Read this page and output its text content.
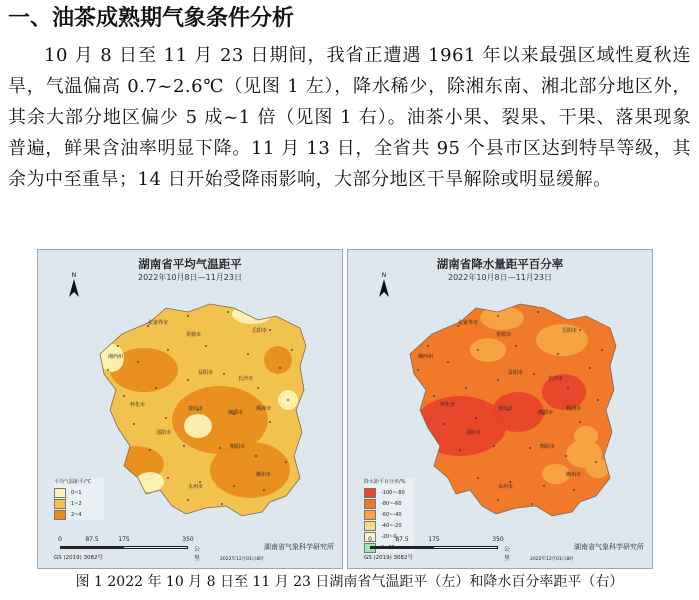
一、油茶成熟期气象条件分析
10 月 8 日至 11 月 23 日期间，我省正遭遇 1961 年以来最强区域性夏秋连旱，气温偏高 0.7~2.6℃（见图 1 左），降水稀少，除湘东南、湘北部分地区外，其余大部分地区偏少 5 成~1 倍（见图 1 右）。油茶小果、裂果、干果、落果现象普遍，鲜果含油率明显下降。11 月 13 日，全省共 95 个县市区达到特旱等级，其余为中至重旱；14 日开始受降雨影响，大部分地区干旱解除或明显缓解。
张家界市
常德市
岳阳市
湘西州
益阳市
长沙市
怀化市
娄底市
湘潭市
株洲市
邵阳市
衡阳市
郴州市
永州市
N
湖南省平均气温距平
2022年10月8日—11月23日
平均气温距平/℃
0~1
1~2
2~4
0	87.5	175	350
公里
湖南省气象科学研究所
GS (2019) 3082号	2022年12月01日8时
张家界市
常德市
岳阳市
湘西州
益阳市
长沙市
怀化市
娄底市
湘潭市
株洲市
邵阳市
衡阳市
郴州市
永州市
N
湖南省降水量距平百分率
2022年10月8日—11月23日
降水距平百分率/%
-100~-80
-80~-60
-60~-40
-40~-20
-20~0
0	87.5	175	350
公里
湖南省气象科学研究所
GS (2019) 3082号	2022年12月01日8时
图 1 2022 年 10 月 8 日至 11 月 23 日湖南省气温距平（左）和降水百分率距平（右）
